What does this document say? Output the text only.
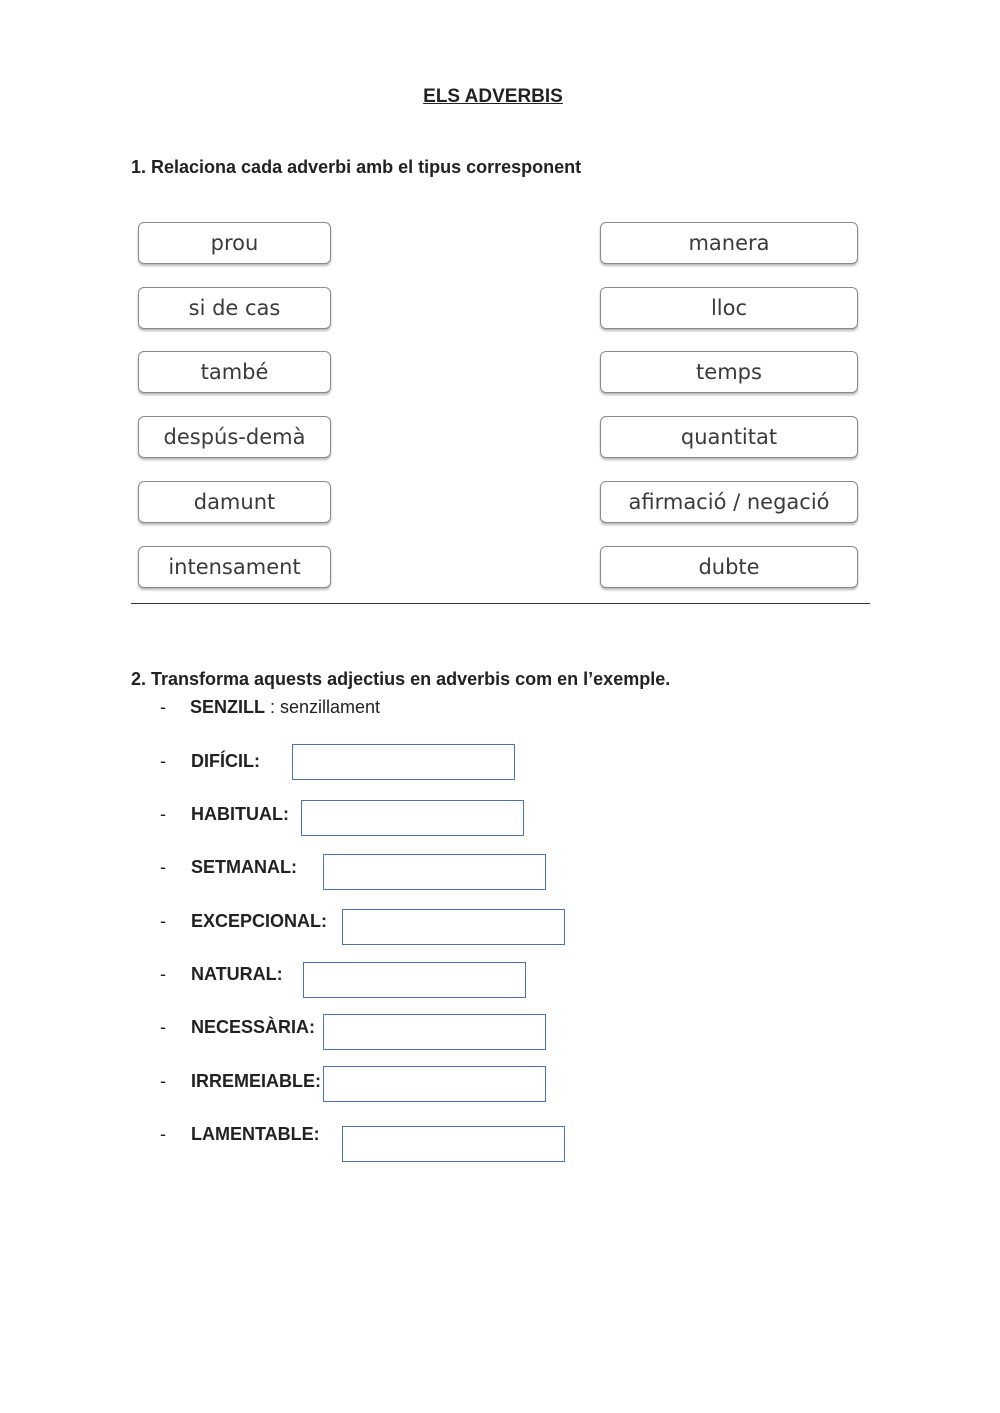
ELS ADVERBIS
1. Relaciona cada adverbi amb el tipus corresponent
prou
si de cas
també
despús-demà
damunt
intensament
manera
lloc
temps
quantitat
afirmació / negació
dubte
2. Transforma aquests adjectius en adverbis com en l’exemple.
- SENZILL : senzillament
- DIFÍCIL:
- HABITUAL:
- SETMANAL:
- EXCEPCIONAL:
- NATURAL:
- NECESSÀRIA:
- IRREMEIABLE:
- LAMENTABLE:
